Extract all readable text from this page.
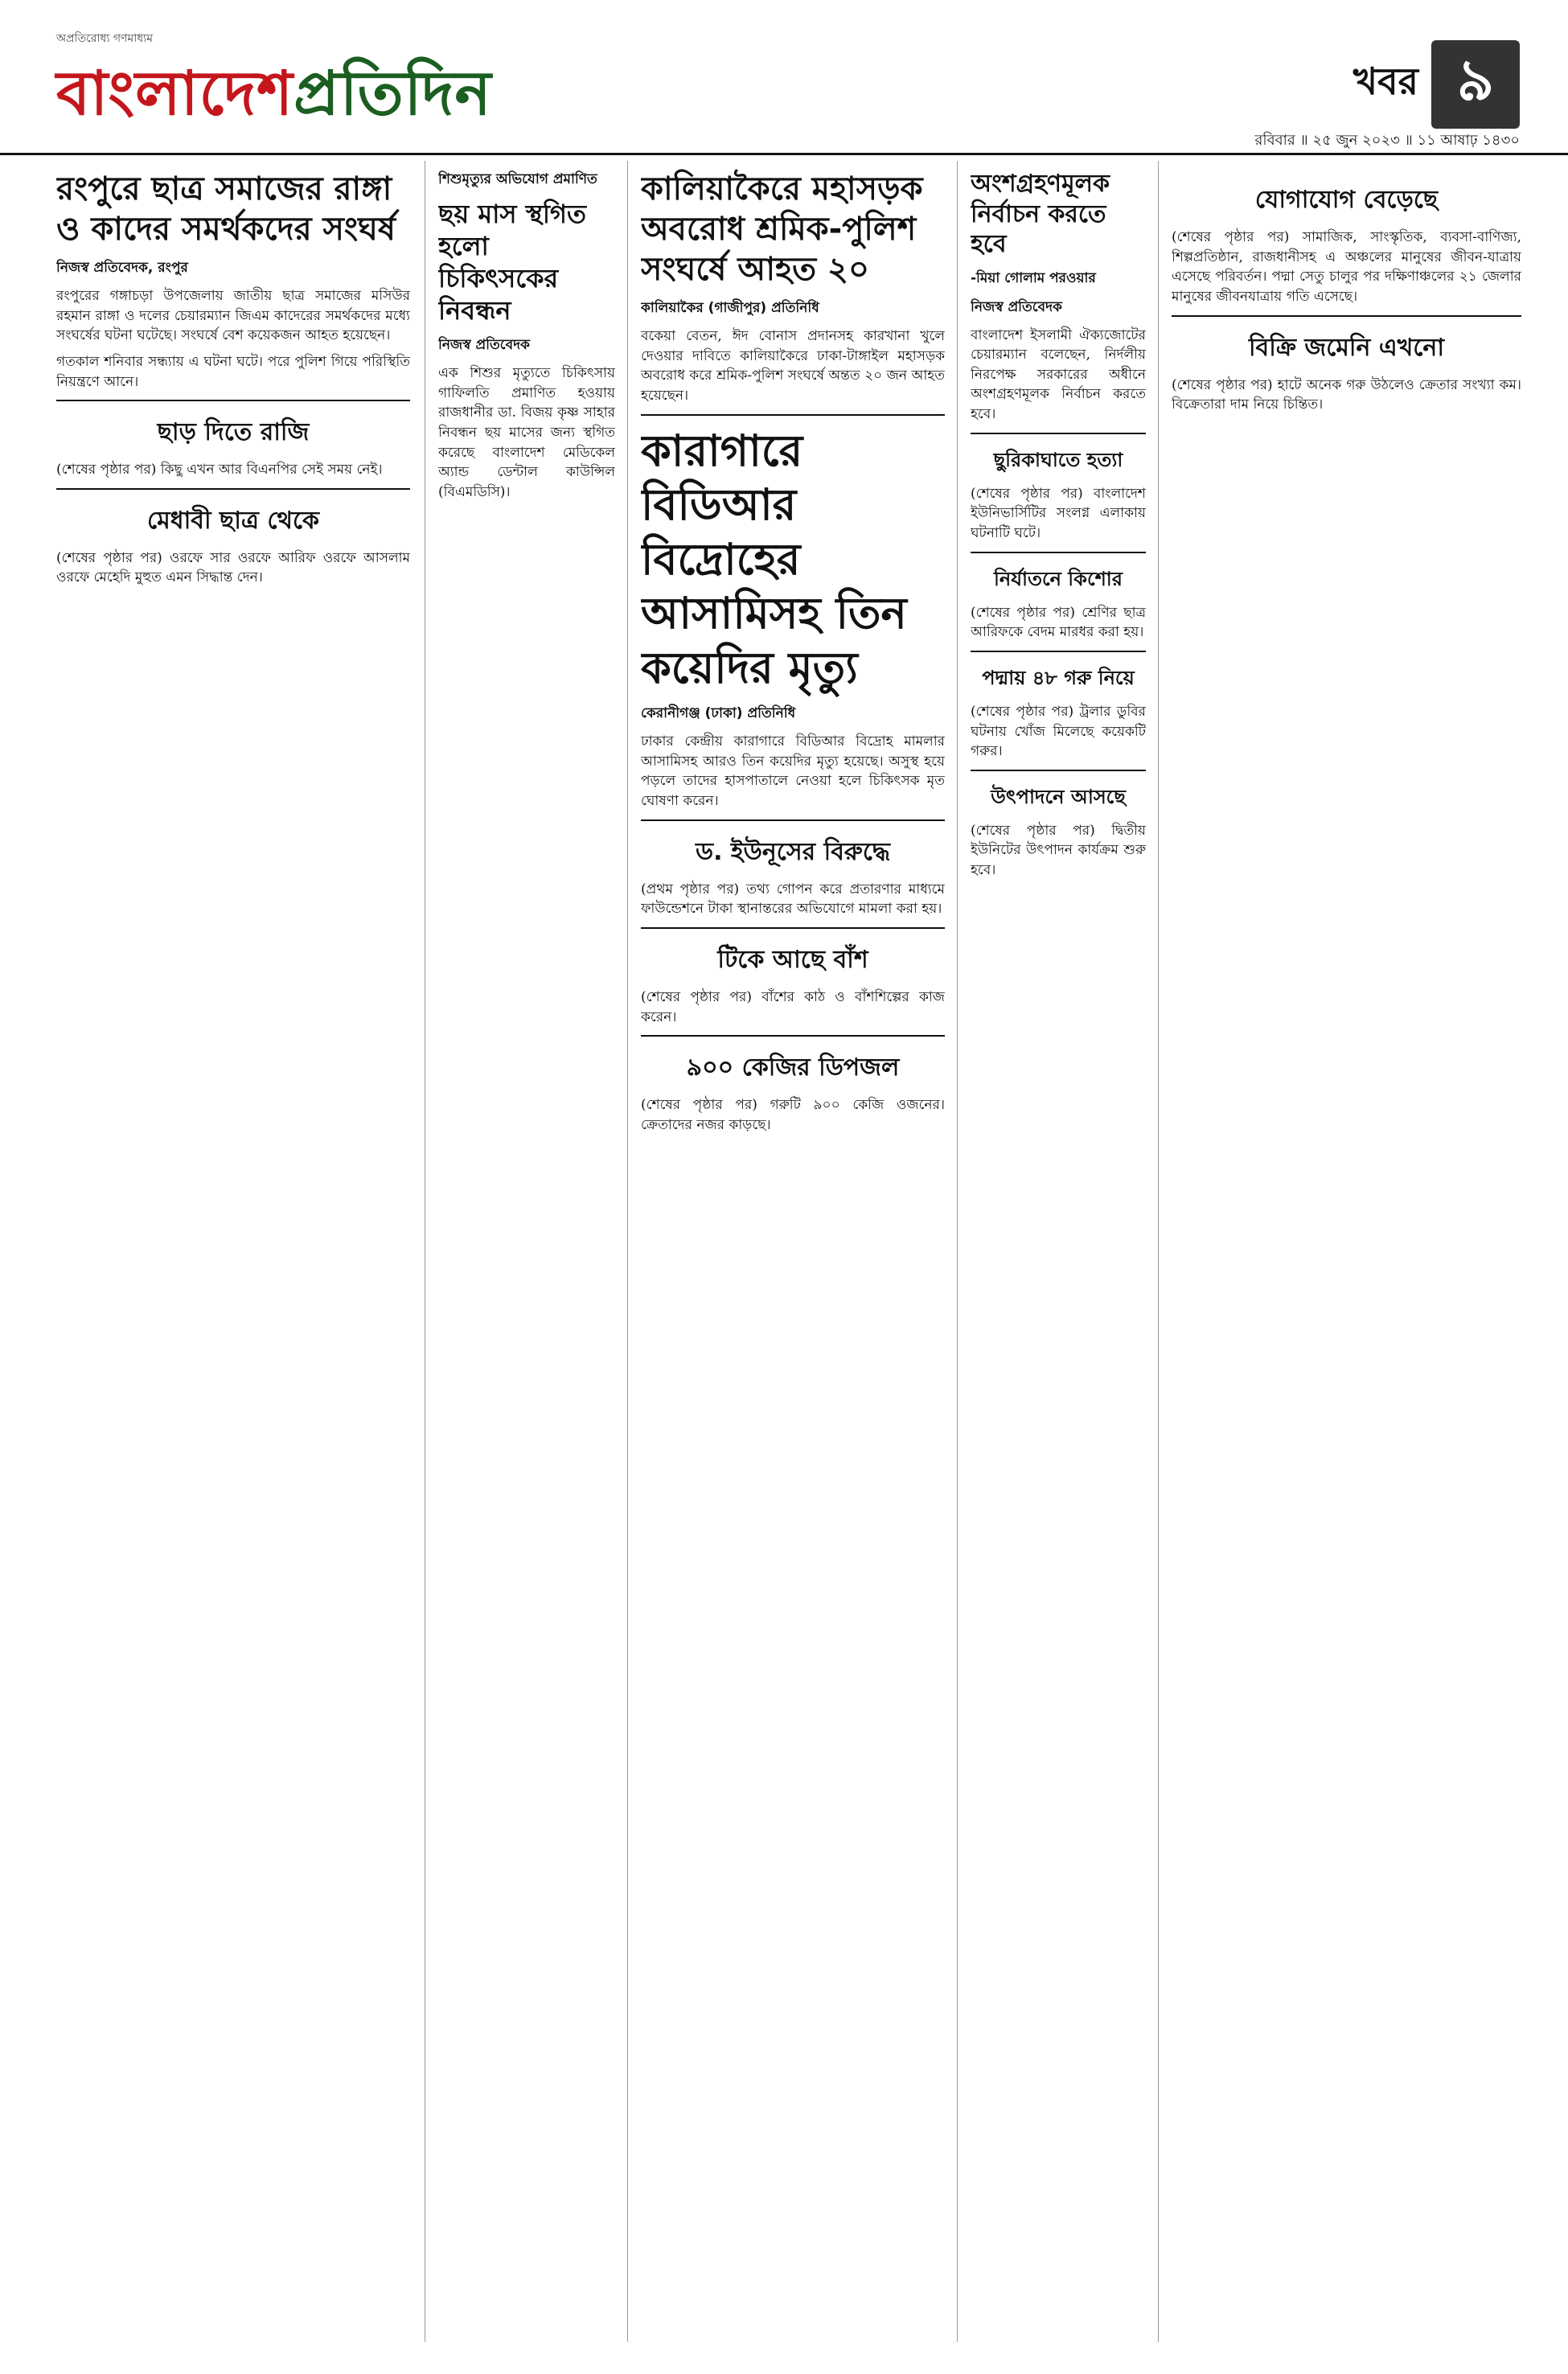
অপ্রতিরোধ্য গণমাধ্যম
বাংলাদেশপ্রতিদিন	খবর ৯
রবিবার ॥ ২৫ জুন ২০২৩ ॥ ১১ আষাঢ় ১৪৩০
রংপুরে ছাত্র সমাজের রাঙ্গা ও কাদের সমর্থকদের সংঘর্ষ
নিজস্ব প্রতিবেদক, রংপুর

রংপুরের গঙ্গাচড়া উপজেলায় জাতীয় ছাত্র সমাজের মসিউর রহমান রাঙ্গা ও দলের চেয়ারম্যান জিএম কাদেরের সমর্থকদের মধ্যে সংঘর্ষের ঘটনা ঘটেছে। সংঘর্ষে বেশ কয়েকজন আহত হয়েছেন।

গতকাল শনিবার সন্ধ্যায় এ ঘটনা ঘটে। পরে পুলিশ গিয়ে পরিস্থিতি নিয়ন্ত্রণে আনে।

ছাড় দিতে রাজি

(শেষের পৃষ্ঠার পর) কিছু এখন আর বিএনপির সেই সময় নেই।

মেধাবী ছাত্র থেকে

(শেষের পৃষ্ঠার পর) ওরফে সার ওরফে আরিফ ওরফে আসলাম ওরফে মেহেদি মুহুত এমন সিদ্ধান্ত দেন।

শিশুমৃত্যুর অভিযোগ প্রমাণিত
ছয় মাস স্থগিত হলো চিকিৎসকের নিবন্ধন
নিজস্ব প্রতিবেদক

এক শিশুর মৃত্যুতে চিকিৎসায় গাফিলতি প্রমাণিত হওয়ায় রাজধানীর ডা. বিজয় কৃষ্ণ সাহার নিবন্ধন ছয় মাসের জন্য স্থগিত করেছে বাংলাদেশ মেডিকেল অ্যান্ড ডেন্টাল কাউন্সিল (বিএমডিসি)।

কালিয়াকৈরে মহাসড়ক অবরোধ শ্রমিক-পুলিশ সংঘর্ষে আহত ২০
কালিয়াকৈর (গাজীপুর) প্রতিনিধি

বকেয়া বেতন, ঈদ বোনাস প্রদানসহ কারখানা খুলে দেওয়ার দাবিতে কালিয়াকৈরে ঢাকা-টাঙ্গাইল মহাসড়ক অবরোধ করে শ্রমিক-পুলিশ সংঘর্ষে অন্তত ২০ জন আহত হয়েছেন।

কারাগারে বিডিআর বিদ্রোহের আসামিসহ তিন কয়েদির মৃত্যু
কেরানীগঞ্জ (ঢাকা) প্রতিনিধি

ঢাকার কেন্দ্রীয় কারাগারে বিডিআর বিদ্রোহ মামলার আসামিসহ আরও তিন কয়েদির মৃত্যু হয়েছে। অসুস্থ হয়ে পড়লে তাদের হাসপাতালে নেওয়া হলে চিকিৎসক মৃত ঘোষণা করেন।

ড. ইউনূসের বিরুদ্ধে

(প্রথম পৃষ্ঠার পর) তথ্য গোপন করে প্রতারণার মাধ্যমে ফাউন্ডেশনে টাকা স্থানান্তরের অভিযোগে মামলা করা হয়।

টিকে আছে বাঁশ

(শেষের পৃষ্ঠার পর) বাঁশের কাঠ ও বাঁশশিল্পের কাজ করেন।

৯০০ কেজির ডিপজল

(শেষের পৃষ্ঠার পর) গরুটি ৯০০ কেজি ওজনের। ক্রেতাদের নজর কাড়ছে।

অংশগ্রহণমূলক নির্বাচন করতে হবে
-মিয়া গোলাম পরওয়ার
নিজস্ব প্রতিবেদক

বাংলাদেশ ইসলামী ঐক্যজোটের চেয়ারম্যান বলেছেন, নির্দলীয় নিরপেক্ষ সরকারের অধীনে অংশগ্রহণমূলক নির্বাচন করতে হবে।

ছুরিকাঘাতে হত্যা

(শেষের পৃষ্ঠার পর) বাংলাদেশ ইউনিভার্সিটির সংলগ্ন এলাকায় ঘটনাটি ঘটে।

নির্যাতনে কিশোর

(শেষের পৃষ্ঠার পর) শ্রেণির ছাত্র আরিফকে বেদম মারধর করা হয়।

পদ্মায় ৪৮ গরু নিয়ে

(শেষের পৃষ্ঠার পর) ট্রলার ডুবির ঘটনায় খোঁজ মিলেছে কয়েকটি গরুর।

উৎপাদনে আসছে

(শেষের পৃষ্ঠার পর) দ্বিতীয় ইউনিটের উৎপাদন কার্যক্রম শুরু হবে।

যোগাযোগ বেড়েছে

(শেষের পৃষ্ঠার পর) সামাজিক, সাংস্কৃতিক, ব্যবসা-বাণিজ্য, শিল্পপ্রতিষ্ঠান, রাজধানীসহ এ অঞ্চলের মানুষের জীবন-যাত্রায় এসেছে পরিবর্তন। পদ্মা সেতু চালুর পর দক্ষিণাঞ্চলের ২১ জেলার মানুষের জীবনযাত্রায় গতি এসেছে।

বিক্রি জমেনি এখনো

(শেষের পৃষ্ঠার পর) হাটে অনেক গরু উঠলেও ক্রেতার সংখ্যা কম। বিক্রেতারা দাম নিয়ে চিন্তিত।
